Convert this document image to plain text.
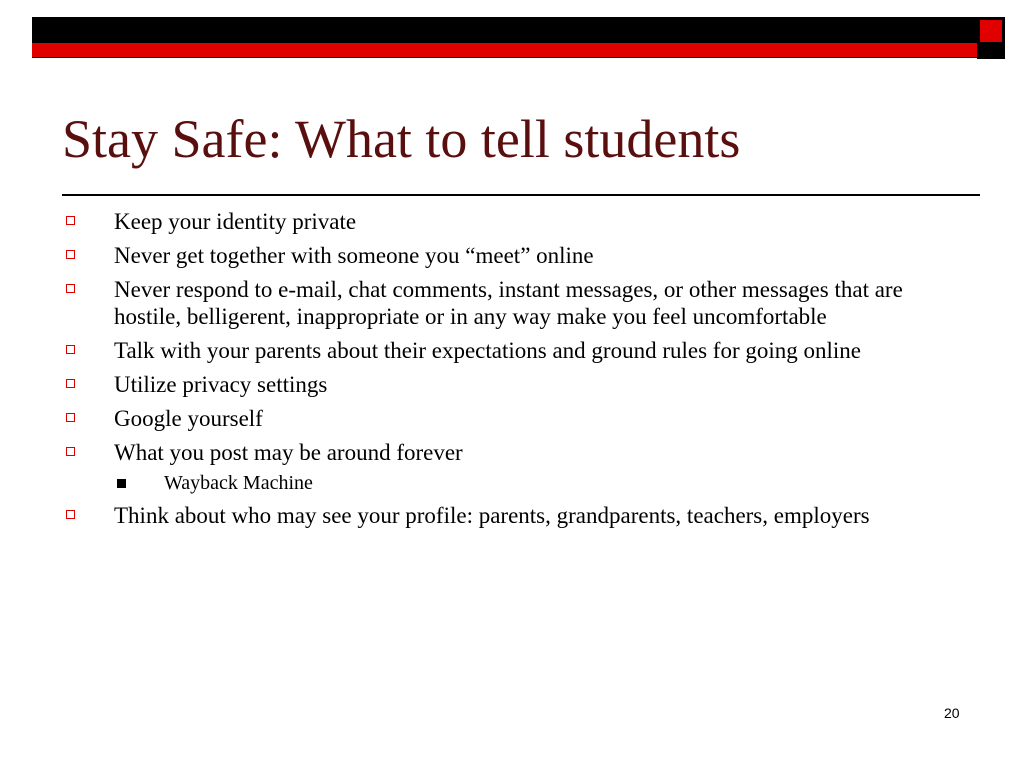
Stay Safe: What to tell students
Keep your identity private
Never get together with someone you “meet” online
Never respond to e-mail, chat comments, instant messages, or other messages that are hostile, belligerent, inappropriate or in any way make you feel uncomfortable
Talk with your parents about their expectations and ground rules for going online
Utilize privacy settings
Google yourself
What you post may be around forever
Wayback Machine
Think about who may see your profile: parents, grandparents, teachers, employers
20
